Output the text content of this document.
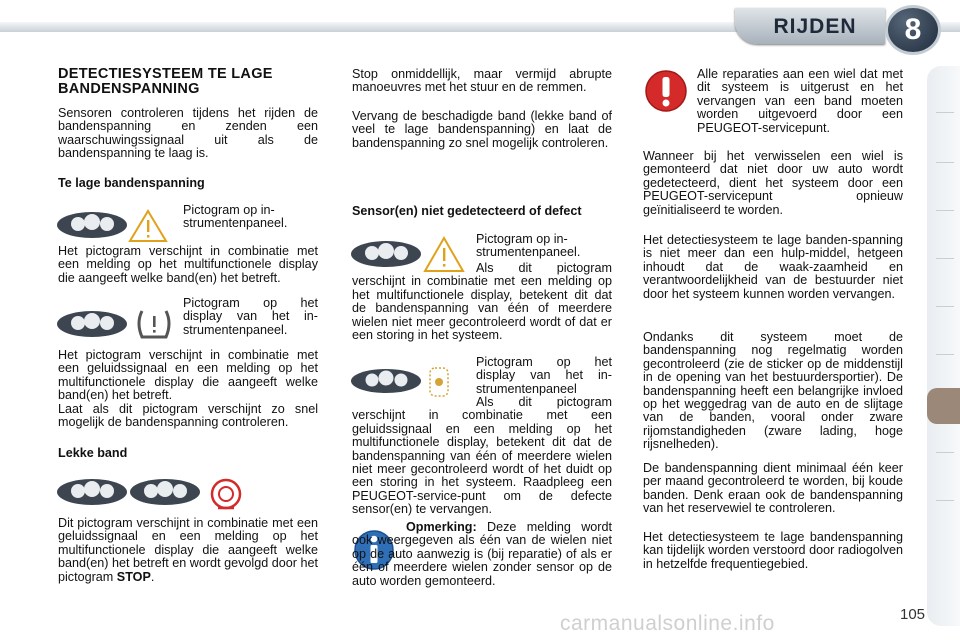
RIJDEN	8
DETECTIESYSTEEM TE LAGE
BANDENSPANNING

Sensoren controleren tijdens het rijden de bandenspanning en zenden een waarschuwingssignaal uit als de bandenspanning te laag is.

Te lage bandenspanning

Pictogram op in-strumentenpaneel.

Het pictogram verschijnt in combinatie met een melding op het multifunctionele display die aangeeft welke band(en) het betreft.

Pictogram op het display van het in-strumentenpaneel.

Het pictogram verschijnt in combinatie met een geluidssignaal en een melding op het multifunctionele display die aangeeft welke band(en) het betreft.

Laat als dit pictogram verschijnt zo snel mogelijk de bandenspanning controleren.

Lekke band

Dit pictogram verschijnt in combinatie met een geluidssignaal en een melding op het multifunctionele display die aangeeft welke band(en) het betreft en wordt gevolgd door het pictogram STOP.

Stop onmiddellijk, maar vermijd abrupte manoeuvres met het stuur en de remmen.

Vervang de beschadigde band (lekke band of veel te lage bandenspanning) en laat de bandenspanning zo snel mogelijk controleren.

Sensor(en) niet gedetecteerd of defect

Pictogram op in-strumentenpaneel.

Als dit pictogram verschijnt in combinatie met een melding op het multifunctionele display, betekent dit dat de bandenspanning van één of meerdere wielen niet meer gecontroleerd wordt of dat er een storing in het systeem.

Pictogram op het display van het in-strumentenpaneel

Als dit pictogram verschijnt in combinatie met een geluidssignaal en een melding op het multifunctionele display, betekent dit dat de bandenspanning van één of meerdere wielen niet meer gecontroleerd wordt of het duidt op een storing in het systeem. Raadpleeg een PEUGEOT-service-punt om de defecte sensor(en) te vervangen.

Opmerking: Deze melding wordt ook weergegeven als één van de wielen niet op de auto aanwezig is (bij reparatie) of als er één of meerdere wielen zonder sensor op de auto worden gemonteerd.

Alle reparaties aan een wiel dat met dit systeem is uitgerust en het vervangen van een band moeten worden uitgevoerd door een PEUGEOT-servicepunt.

Wanneer bij het verwisselen een wiel is gemonteerd dat niet door uw auto wordt gedetecteerd, dient het systeem door een PEUGEOT-servicepunt opnieuw geïnitialiseerd te worden.

Het detectiesysteem te lage banden-spanning is niet meer dan een hulp-middel, hetgeen inhoudt dat de waak-zaamheid en verantwoordelijkheid van de bestuurder niet door het systeem kunnen worden vervangen.

Ondanks dit systeem moet de bandenspanning nog regelmatig worden gecontroleerd (zie de sticker op de middenstijl in de opening van het bestuurdersportier). De bandenspanning heeft een belangrijke invloed op het weggedrag van de auto en de slijtage van de banden, vooral onder zware rijomstandigheden (zware lading, hoge rijsnelheden).

De bandenspanning dient minimaal één keer per maand gecontroleerd te worden, bij koude banden. Denk eraan ook de bandenspanning van het reservewiel te controleren.

Het detectiesysteem te lage bandenspanning kan tijdelijk worden verstoord door radiogolven in hetzelfde frequentiegebied.

carmanualsonline.info	105
